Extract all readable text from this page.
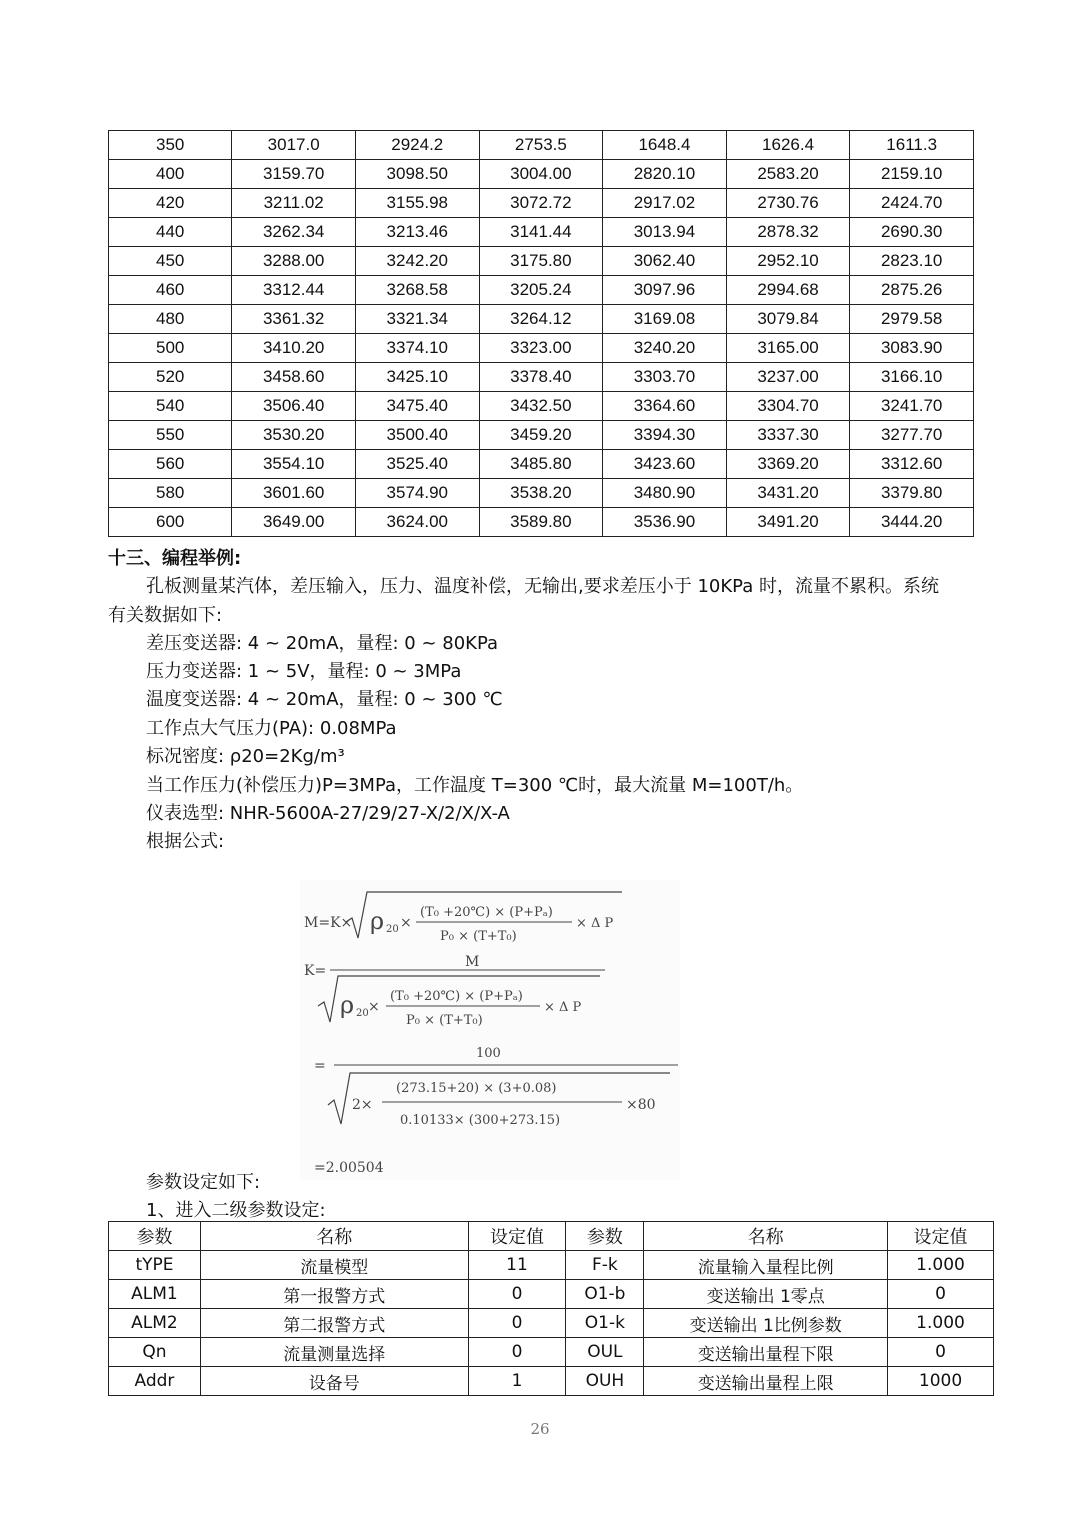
350	3017.0	2924.2	2753.5	1648.4	1626.4	1611.3
400	3159.70	3098.50	3004.00	2820.10	2583.20	2159.10
420	3211.02	3155.98	3072.72	2917.02	2730.76	2424.70
440	3262.34	3213.46	3141.44	3013.94	2878.32	2690.30
450	3288.00	3242.20	3175.80	3062.40	2952.10	2823.10
460	3312.44	3268.58	3205.24	3097.96	2994.68	2875.26
480	3361.32	3321.34	3264.12	3169.08	3079.84	2979.58
500	3410.20	3374.10	3323.00	3240.20	3165.00	3083.90
520	3458.60	3425.10	3378.40	3303.70	3237.00	3166.10
540	3506.40	3475.40	3432.50	3364.60	3304.70	3241.70
550	3530.20	3500.40	3459.20	3394.30	3337.30	3277.70
560	3554.10	3525.40	3485.80	3423.60	3369.20	3312.60
580	3601.60	3574.90	3538.20	3480.90	3431.20	3379.80
600	3649.00	3624.00	3589.80	3536.90	3491.20	3444.20
十三、编程举例:
孔板测量某汽体，差压输入，压力、温度补偿，无输出,要求差压小于 10KPa 时，流量不累积。系统
有关数据如下:
差压变送器: 4 ~ 20mA，量程: 0 ~ 80KPa
压力变送器: 1 ~ 5V，量程: 0 ~ 3MPa
温度变送器: 4 ~ 20mA，量程: 0 ~ 300 ℃
工作点大气压力(PA): 0.08MPa
标况密度: ρ20=2Kg/m³
当工作压力(补偿压力)P=3MPa，工作温度 T=300 ℃时，最大流量 M=100T/h。
仪表选型: NHR-5600A-27/29/27-X/2/X/X-A
根据公式:
M=K× ρ 20 ×
(T₀ +20℃) × (P+Pₐ)
P₀ × (T+T₀)
× Δ P
K=
M
ρ 20 ×
(T₀ +20℃) × (P+Pₐ)
P₀ × (T+T₀)
× Δ P
=
100
2×
(273.15+20) × (3+0.08)
0.10133× (300+273.15)
×80
=2.00504
参数设定如下:
1、进入二级参数设定:
参数	名称	设定值	参数	名称	设定值
tYPE	流量模型	11	F-k	流量输入量程比例	1.000
ALM1	第一报警方式	0	O1-b	变送输出 1零点	0
ALM2	第二报警方式	0	O1-k	变送输出 1比例参数	1.000
Qn	流量测量选择	0	OUL	变送输出量程下限	0
Addr	设备号	1	OUH	变送输出量程上限	1000
26
